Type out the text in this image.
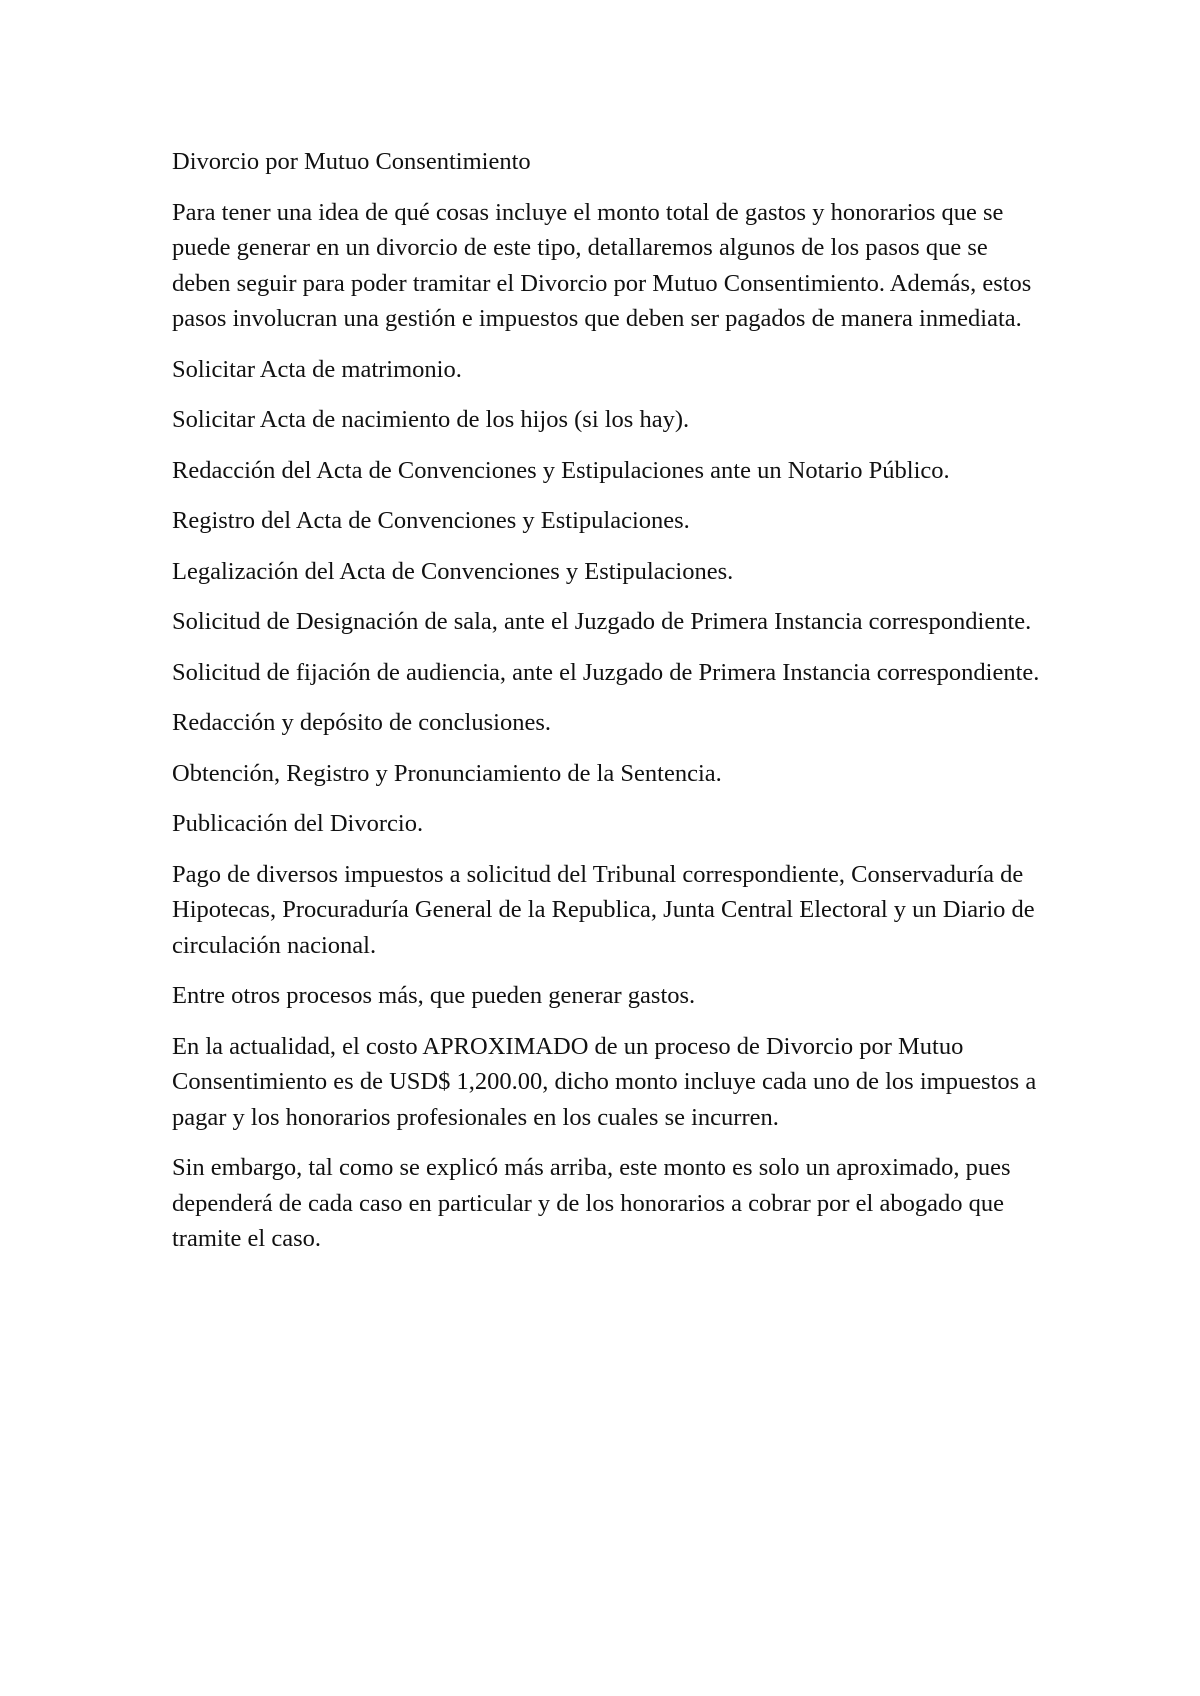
Divorcio por Mutuo Consentimiento

Para tener una idea de qué cosas incluye el monto total de gastos y honorarios que se puede generar en un divorcio de este tipo, detallaremos algunos de los pasos que se deben seguir para poder tramitar el Divorcio por Mutuo Consentimiento. Además, estos pasos involucran una gestión e impuestos que deben ser pagados de manera inmediata.

Solicitar Acta de matrimonio.

Solicitar Acta de nacimiento de los hijos (si los hay).

Redacción del Acta de Convenciones y Estipulaciones ante un Notario Público.

Registro del Acta de Convenciones y Estipulaciones.

Legalización del Acta de Convenciones y Estipulaciones.

Solicitud de Designación de sala, ante el Juzgado de Primera Instancia correspondiente.

Solicitud de fijación de audiencia, ante el Juzgado de Primera Instancia correspondiente.

Redacción y depósito de conclusiones.

Obtención, Registro y Pronunciamiento de la Sentencia.

Publicación del Divorcio.

Pago de diversos impuestos a solicitud del Tribunal correspondiente, Conservaduría de Hipotecas, Procuraduría General de la Republica, Junta Central Electoral y un Diario de circulación nacional.

Entre otros procesos más, que pueden generar gastos.

En la actualidad, el costo APROXIMADO de un proceso de Divorcio por Mutuo Consentimiento es de USD$ 1,200.00, dicho monto incluye cada uno de los impuestos a pagar y los honorarios profesionales en los cuales se incurren.

Sin embargo, tal como se explicó más arriba, este monto es solo un aproximado, pues dependerá de cada caso en particular y de los honorarios a cobrar por el abogado que tramite el caso.
